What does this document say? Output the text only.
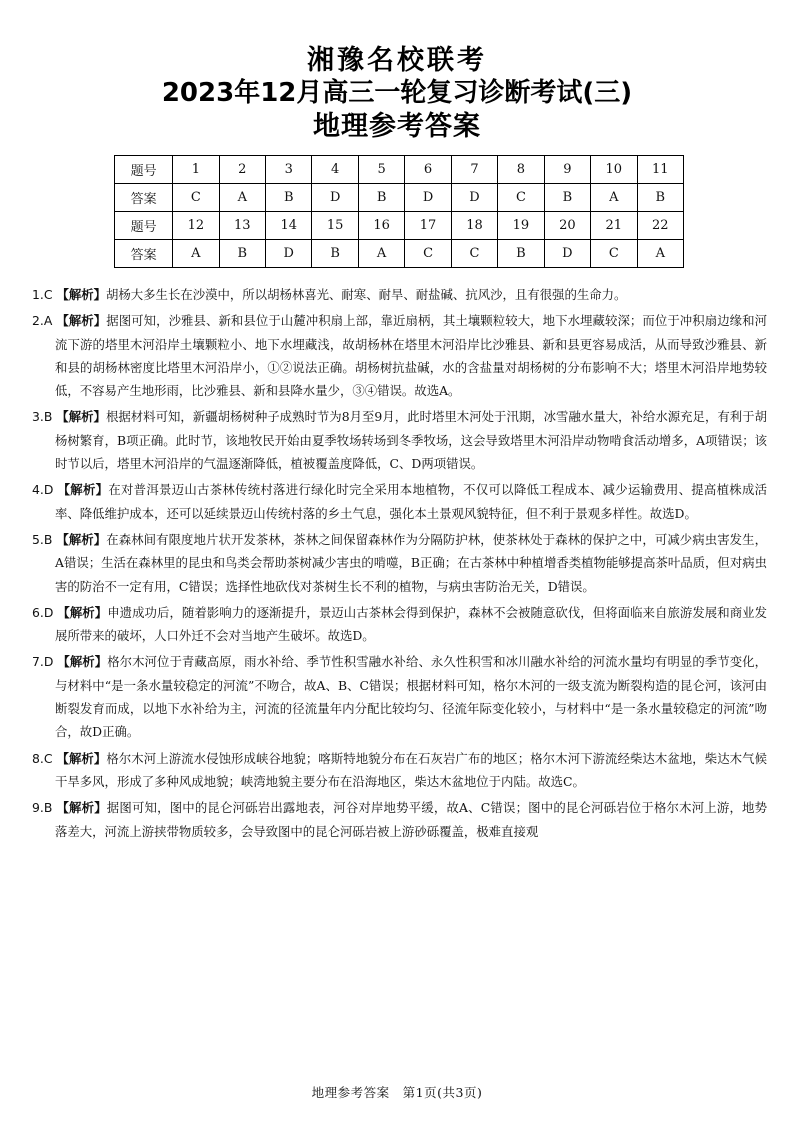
湘豫名校联考
2023年12月高三一轮复习诊断考试(三)
地理参考答案
题号	1	2	3	4	5	6	7	8	9	10	11
答案	C	A	B	D	B	D	D	C	B	A	B
题号	12	13	14	15	16	17	18	19	20	21	22
答案	A	B	D	B	A	C	C	B	D	C	A
1.C 【解析】胡杨大多生长在沙漠中，所以胡杨林喜光、耐寒、耐旱、耐盐碱、抗风沙，且有很强的生命力。
2.A 【解析】据图可知，沙雅县、新和县位于山麓冲积扇上部，靠近扇柄，其土壤颗粒较大，地下水埋藏较深；而位于冲积扇边缘和河流下游的塔里木河沿岸土壤颗粒小、地下水埋藏浅，故胡杨林在塔里木河沿岸比沙雅县、新和县更容易成活，从而导致沙雅县、新和县的胡杨林密度比塔里木河沿岸小，①②说法正确。胡杨树抗盐碱，水的含盐量对胡杨树的分布影响不大；塔里木河沿岸地势较低，不容易产生地形雨，比沙雅县、新和县降水量少，③④错误。故选A。
3.B 【解析】根据材料可知，新疆胡杨树种子成熟时节为8月至9月，此时塔里木河处于汛期，冰雪融水量大，补给水源充足，有利于胡杨树繁育，B项正确。此时节，该地牧民开始由夏季牧场转场到冬季牧场，这会导致塔里木河沿岸动物啃食活动增多，A项错误；该时节以后，塔里木河沿岸的气温逐渐降低，植被覆盖度降低，C、D两项错误。
4.D 【解析】在对普洱景迈山古茶林传统村落进行绿化时完全采用本地植物，不仅可以降低工程成本、减少运输费用、提高植株成活率、降低维护成本，还可以延续景迈山传统村落的乡土气息，强化本土景观风貌特征，但不利于景观多样性。故选D。
5.B 【解析】在森林间有限度地片状开发茶林，茶林之间保留森林作为分隔防护林，使茶林处于森林的保护之中，可减少病虫害发生，A错误；生活在森林里的昆虫和鸟类会帮助茶树减少害虫的啃噬，B正确；在古茶林中种植增香类植物能够提高茶叶品质，但对病虫害的防治不一定有用，C错误；选择性地砍伐对茶树生长不利的植物，与病虫害防治无关，D错误。
6.D 【解析】申遗成功后，随着影响力的逐渐提升，景迈山古茶林会得到保护，森林不会被随意砍伐，但将面临来自旅游发展和商业发展所带来的破坏，人口外迁不会对当地产生破坏。故选D。
7.D 【解析】格尔木河位于青藏高原，雨水补给、季节性积雪融水补给、永久性积雪和冰川融水补给的河流水量均有明显的季节变化，与材料中“是一条水量较稳定的河流”不吻合，故A、B、C错误；根据材料可知，格尔木河的一级支流为断裂构造的昆仑河，该河由断裂发育而成，以地下水补给为主，河流的径流量年内分配比较均匀、径流年际变化较小，与材料中“是一条水量较稳定的河流”吻合，故D正确。
8.C 【解析】格尔木河上游流水侵蚀形成峡谷地貌；喀斯特地貌分布在石灰岩广布的地区；格尔木河下游流经柴达木盆地，柴达木气候干旱多风，形成了多种风成地貌；峡湾地貌主要分布在沿海地区，柴达木盆地位于内陆。故选C。
9.B 【解析】据图可知，图中的昆仑河砾岩出露地表，河谷对岸地势平缓，故A、C错误；图中的昆仑河砾岩位于格尔木河上游，地势落差大，河流上游挟带物质较多，会导致图中的昆仑河砾岩被上游砂砾覆盖，极难直接观
地理参考答案　第1页(共3页)
